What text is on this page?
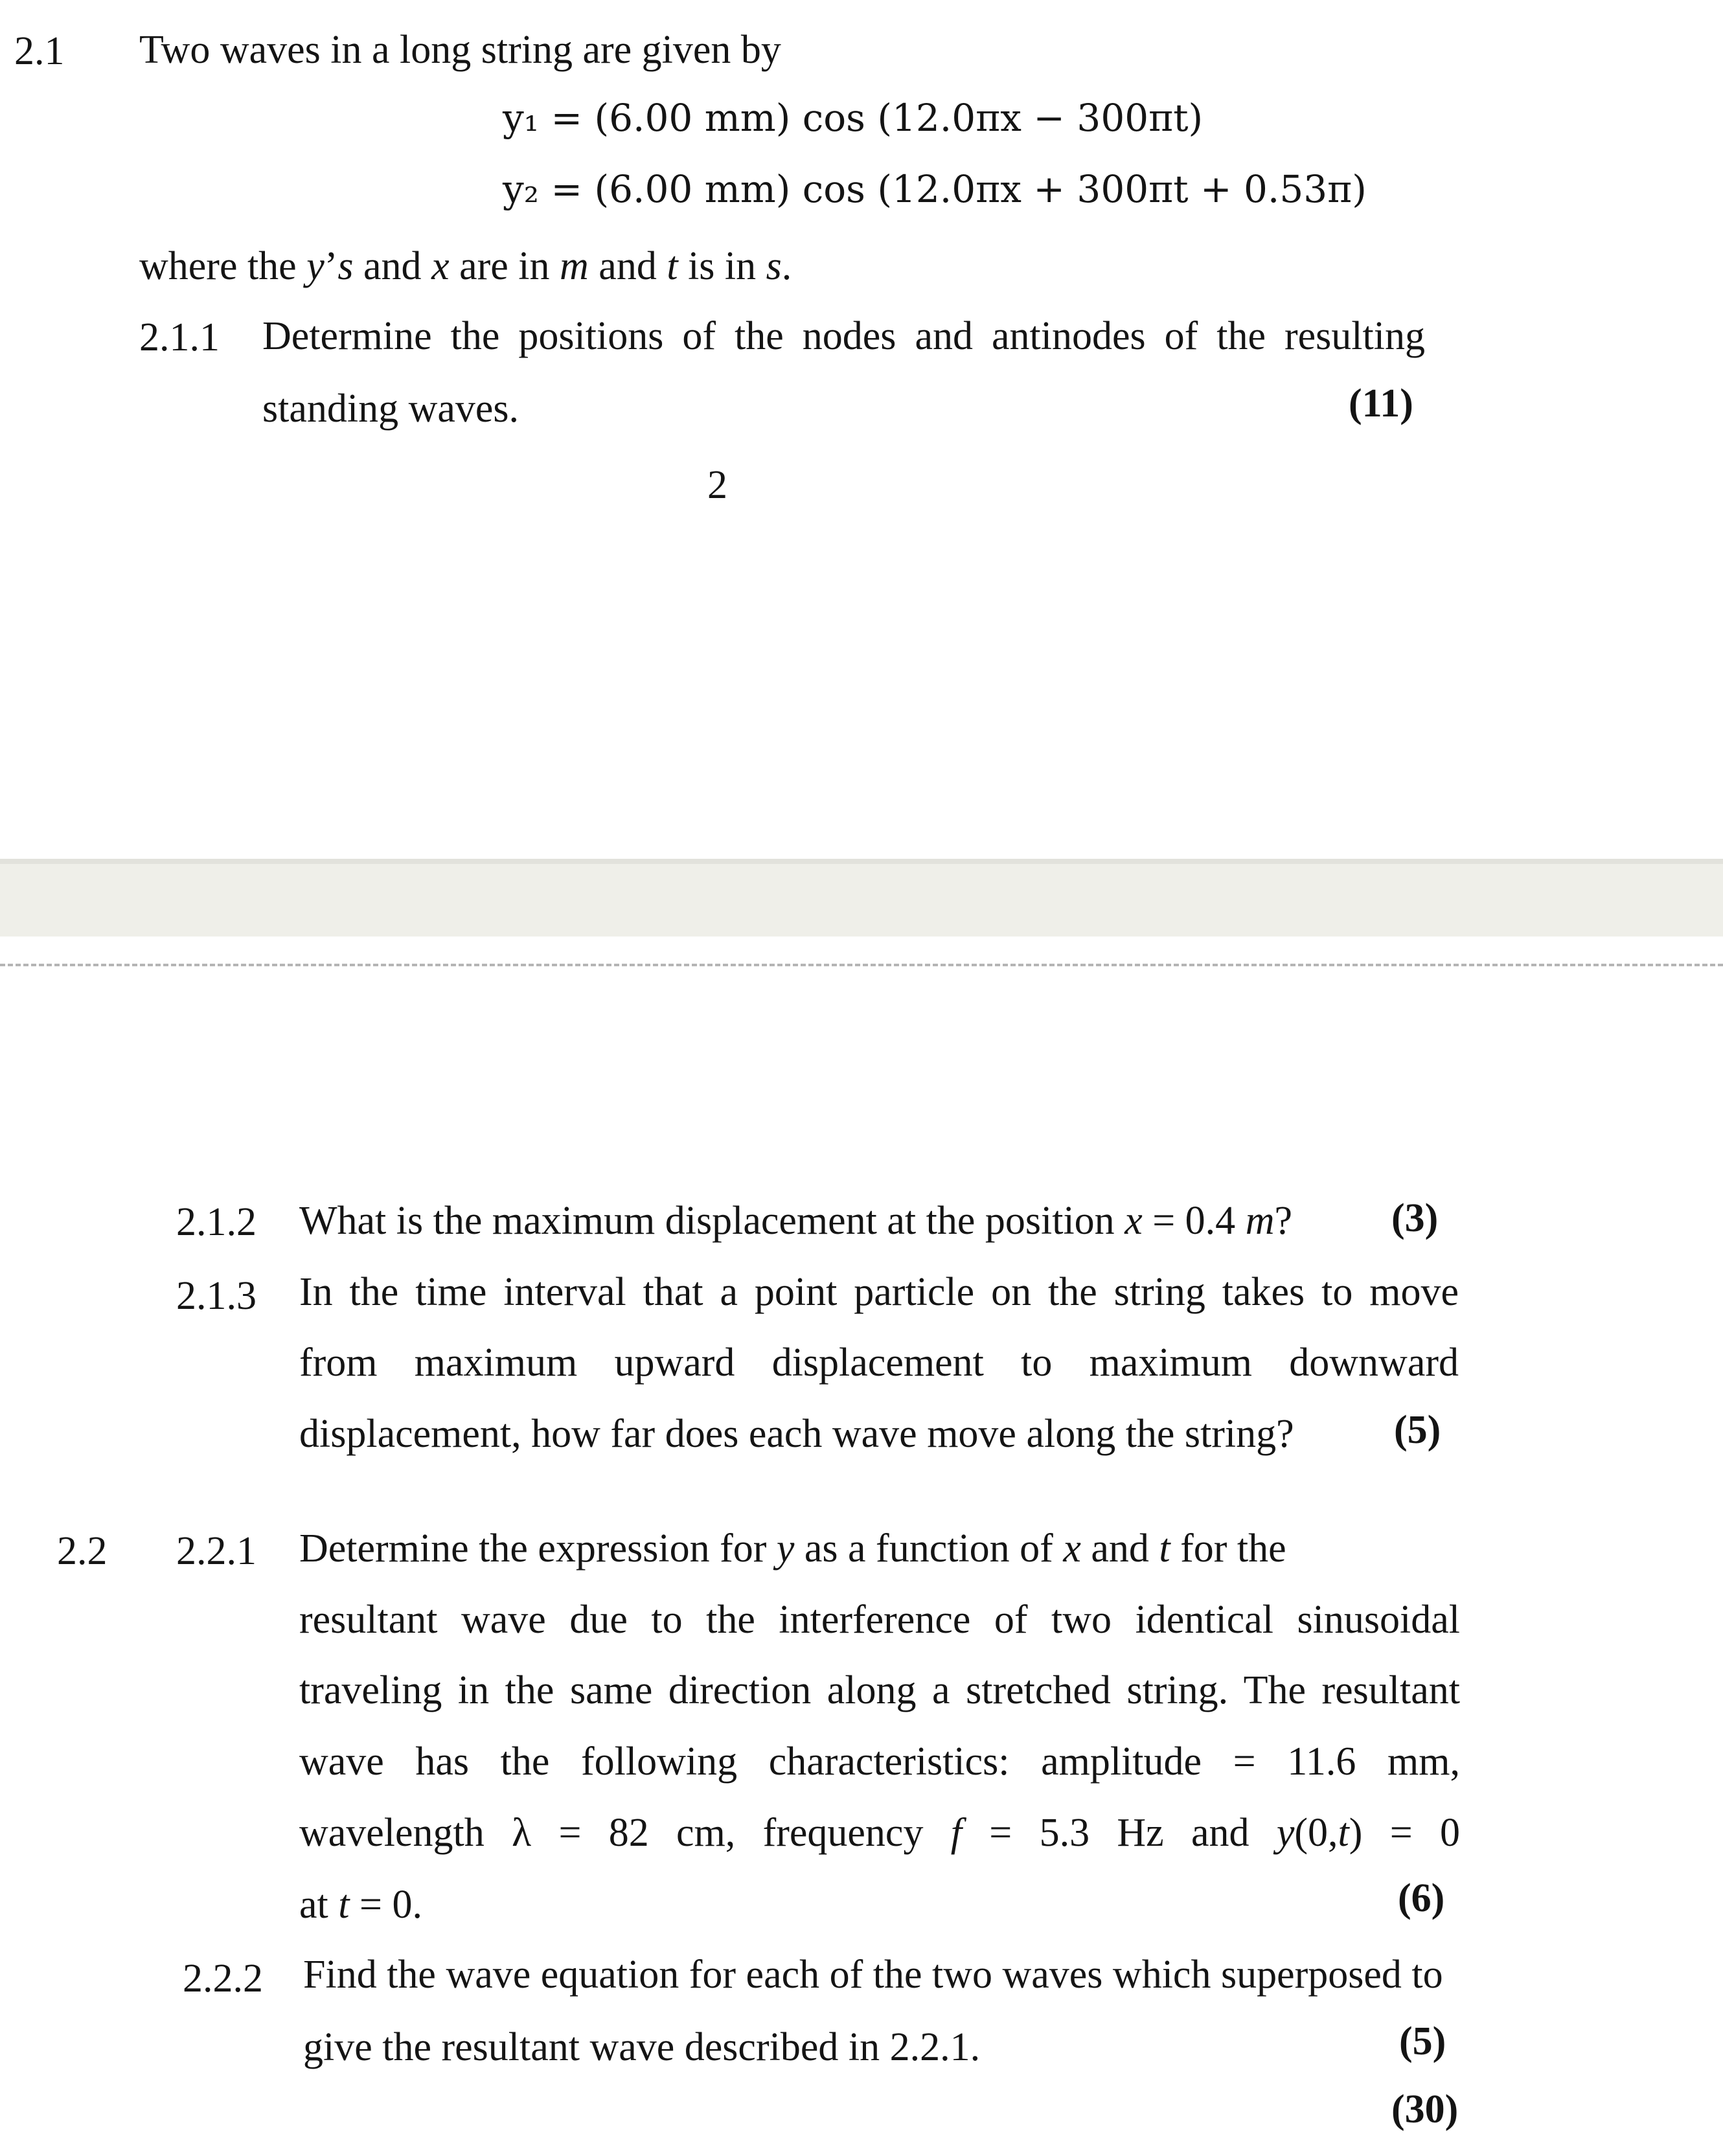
2.1 Two waves in a long string are given by
y₁ = (6.00 mm) cos (12.0πx − 300πt)
y₂ = (6.00 mm) cos (12.0πx + 300πt + 0.53π)
where the y’s and x are in m and t is in s.
2.1.1 Determine the positions of the nodes and antinodes of the resulting
standing waves.	(11)
2
2.1.2 What is the maximum displacement at the position x = 0.4 m? (3)
2.1.3 In the time interval that a point particle on the string takes to move
from maximum upward displacement to maximum downward
displacement, how far does each wave move along the string? (5)
2.2 2.2.1 Determine the expression for y as a function of x and t for the
resultant wave due to the interference of two identical sinusoidal
traveling in the same direction along a stretched string. The resultant
wave has the following characteristics: amplitude = 11.6 mm,
wavelength λ = 82 cm, frequency f = 5.3 Hz and y(0,t) = 0
at t = 0.	(6)
2.2.2 Find the wave equation for each of the two waves which superposed to
give the resultant wave described in 2.2.1.	(5)
(30)
